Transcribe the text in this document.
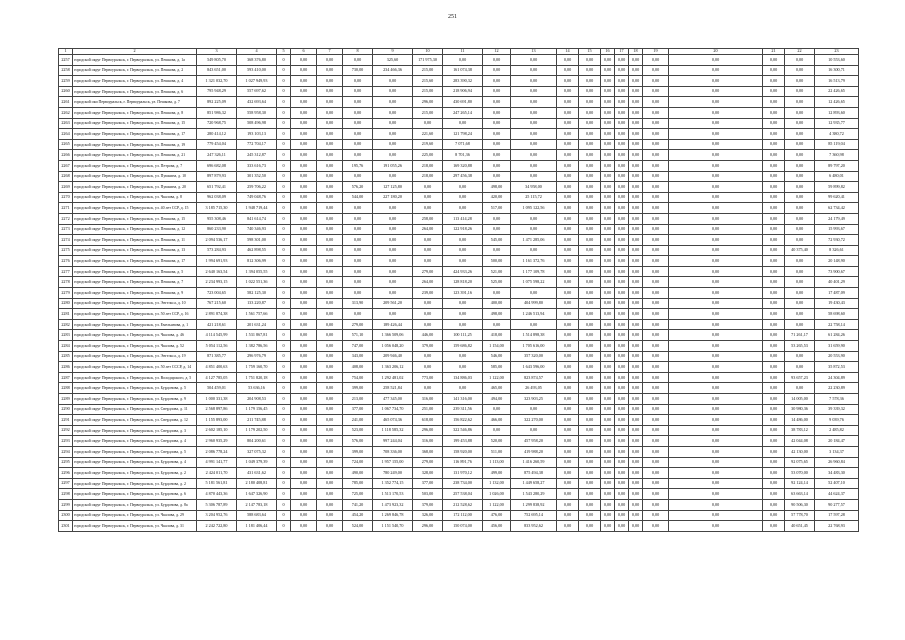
251
1	2	3	4	5	6	7	8	9	10	11	12	13	14	15	16	17	18	19	20	21	22	23
2257	городской округ Первоуральск, г. Первоуральск, ул. Пешкова, д. 1а	549 805,70	368 376,80	0	0,00	0,00	0,00	325,60	171 975,30	0,00	0,00	0,00	0,00	0,00	0,00	0,00	0,00	0,00	0,00	0,00	0,00	10 553,60
2258	городской округ Первоуральск, г. Первоуральск, ул. Пешкова, д. 2	843 651,00	593 410,00	0	0,00	0,00	730,00	234 466,36	215,00	161 074,38	0,00	0,00	0,00	0,00	0,00	0,00	0,00	0,00	0,00	0,00	0,00	16 300,71
2259	городской округ Первоуральск, г. Первоуральск, ул. Пешкова, д. 4	1 321 032,70	1 027 949,93	0	0,00	0,00	0,00	0,00	215,60	283 390,32	0,00	0,00	0,00	0,00	0,00	0,00	0,00	0,00	0,00	0,00	0,00	16 513,79
2260	городской округ Первоуральск, г. Первоуральск, ул. Пешкова, д. 6	795 948,29	557 697,62	0	0,00	0,00	0,00	0,00	215,00	218 906,94	0,00	0,00	0,00	0,00	0,00	0,00	0,00	0,00	0,00	0,00	0,00	22 426,65
2261	городской оки Первоуральск, г. Первоуральск, ул. Пешкова, д. 7	892 225,09	432 693,64	0	0,00	0,00	0,00	0,00	296,00	430 691,80	0,00	0,00	0,00	0,00	0,00	0,00	0,00	0,00	0,00	0,00	0,00	12 426,65
2262	городской округ Первоуральск, г. Первоуральск, ул. Пешкова, д. 8	851 986,32	558 958,30	0	0,00	0,00	0,00	0,00	215,00	247 265,14	0,00	0,00	0,00	0,00	0,00	0,00	0,00	0,00	0,00	0,00	0,00	12 893,60
2263	городской округ Первоуральск, г. Первоуральск, ул. Пешкова, д. 15	720 968,75	508 496,98	0	0,00	0,00	0,00	0,00	0,00	0,00	0,00	0,00	0,00	0,00	0,00	0,00	0,00	0,00	0,00	0,00	0,00	12 935,77
2264	городской округ Первоуральск, г. Первоуральск, ул. Пешкова, д. 17	280 414,12	193 103,13	0	0,00	0,00	0,00	0,00	221,60	121 798,24	0,00	0,00	0,00	0,00	0,00	0,00	0,00	0,00	0,00	0,00	0,00	4 380,72
2265	городской округ Первоуральск, г. Первоуральск, ул. Пешкова, д. 19	779 454,04	772 704,17	0	0,00	0,00	0,00	0,00	219,60	7 071,68	0,00	0,00	0,00	0,00	0,00	0,00	0,00	0,00	0,00	0,00	0,00	85 119,04
2266	городской округ Первоуральск, г. Первоуральск, ул. Пешкова, д. 21	247 326,11	245 312,87	0	0,00	0,00	0,00	0,00	225,00	8 701,36	0,00	0,00	0,00	0,00	0,00	0,00	0,00	0,00	0,00	0,00	0,00	7 360,98
2267	городской округ Первоуральск, г. Первоуральск, ул. Петрова, д. 7	696 682,08	333 616,73	0	0,00	0,00	195,76	191 055,26	218,00	169 320,88	0,00	0,00	0,00	0,00	0,00	0,00	0,00	0,00	0,00	0,00	0,00	89 797,20
2268	городской округ Первоуральск, г. Первоуральск, ул. Пушкина, д. 10	897 879,93	301 352,50	0	0,00	0,00	0,00	0,00	218,00	297 456,38	0,00	0,00	0,00	0,00	0,00	0,00	0,00	0,00	0,00	0,00	0,00	6 480,01
2269	городской округ Первоуральск, г. Первоуральск, ул. Пушкина, д. 20	651 792,41	259 706,22	0	0,00	0,00	576,20	127 125,80	0,00	0,00	498,00	34 958,00	0,00	0,00	0,00	0,00	0,00	0,00	0,00	0,00	0,00	59 899,82
2270	городской округ Первоуральск, г. Первоуральск, ул. Чкалова, д. 8	962 038,09	749 048,76	0	0,00	0,00	544,00	227 180,20	0,00	0,00	420,00	25 115,72	0,00	0,00	0,00	0,00	0,00	0,00	0,00	0,00	0,00	99 620,41
2271	городской округ Первоуральск, г. Первоуральск, ул. 40 лет ССР, д. 15	3 185 715,30	1 948 719,44	0	0,00	0,00	0,00	0,00	0,00	0,00	517,00	1 095 122,56	0,00	0,00	0,00	0,00	0,00	0,00	0,00	0,00	0,00	62 734,42
2272	городской округ Первоуральск, г. Первоуральск, ул. Пешкова, д. 15	955 308,46	841 614,74	0	0,00	0,00	0,00	0,00	258,00	113 414,28	0,00	0,00	0,00	0,00	0,00	0,00	0,00	0,00	0,00	0,00	0,00	24 179,49
2273	городской округ Первоуральск, г. Первоуральск, ул. Пешкова, д. 12	860 233,90	740 346,93	0	0,00	0,00	0,00	0,00	264,00	122 918,26	0,00	0,00	0,00	0,00	0,00	0,00	0,00	0,00	0,00	0,00	0,00	15 993,67
2274	городской округ Первоуральск, г. Первоуральск, ул. Пешкова, д. 11	2 094 536,17	598 301,00	0	0,00	0,00	0,00	0,00	0,00	0,00	545,00	1 471 285,06	0,00	0,00	0,00	0,00	0,00	0,00	0,00	0,00	0,00	72 930,72
2275	городской округ Первоуральск, г. Первоуральск, ул. Пешкова, д. 13	573 284,93	462 898,55	0	0,00	0,00	0,00	0,00	0,00	0,00	0,00	0,00	0,00	0,00	0,00	0,00	0,00	0,00	0,00	0,00	40 375,40	8 326,61
2276	городской округ Первоуральск, г. Первоуральск, ул. Пешкова, д. 17	1 994 691,93	812 306,99	0	0,00	0,00	0,00	0,00	0,00	0,00	500,00	1 161 372,76	0,00	0,00	0,00	0,00	0,00	0,00	0,00	0,00	0,00	20 148,90
2277	городской округ Первоуральск, г. Первоуральск, ул. Пешкова, д. 5	2 640 163,54	1 394 055,55	0	0,00	0,00	0,00	0,00	279,00	424 933,26	521,00	1 177 109,78	0,00	0,00	0,00	0,00	0,00	0,00	0,00	0,00	0,00	73 900,67
2278	городской округ Первоуральск, г. Первоуральск, ул. Пешкова, д. 7	2 234 993,15	1 022 551,36	0	0,00	0,00	0,00	0,00	264,00	128 818,20	525,00	1 075 598,22	0,00	0,00	0,00	0,00	0,00	0,00	0,00	0,00	0,00	40 401,29
2279	городской округ Первоуральск, г. Первоуральск, ул. Пешкова, д. 9	723 004,65	582 125,30	0	0,00	0,00	0,00	0,00	239,00	123 391,16	0,00	0,00	0,00	0,00	0,00	0,00	0,00	0,00	0,00	0,00	0,00	17 487,09
2280	городской округ Первоуральск, г. Первоуральск, ул. Энгельса, д. 10	767 215,60	133 220,87	0	0,00	0,00	313,90	209 561,20	0,00	0,00	400,00	404 999,80	0,00	0,00	0,00	0,00	0,00	0,00	0,00	0,00	0,00	19 430,43
2281	городской округ Первоуральск, г. Первоуральск, ул. 50 лет ССР, д. 16	2 891 874,38	1 561 757,66	0	0,00	0,00	0,00	0,00	0,00	0,00	498,00	1 246 513,94	0,00	0,00	0,00	0,00	0,00	0,00	0,00	0,00	0,00	58 698,60
2282	городской округ Первоуральск, г. Первоуральск, ул. Емельянова, д. 1	421 218,61	201 631,24	0	0,00	0,00	279,00	189 426,44	0,00	0,00	0,00	0,00	0,00	0,00	0,00	0,00	0,00	0,00	0,00	0,00	0,00	22 758,14
2283	городской округ Первоуральск, г. Первоуральск, ул. Чкалова, д. 46	4 114 545,99	1 531 867,81	0	0,00	0,00	571,10	1 366 509,06	446,00	100 111,25	418,00	1 514 898,38	0,00	0,00	0,00	0,00	0,00	0,00	0,00	0,00	71 261,17	61 284,26
2284	городской округ Первоуральск, г. Первоуральск, ул. Чкалова, д. 52	5 054 112,56	1 382 786,56	0	0,00	0,00	747,00	1 056 048,20	379,00	159 686,82	1 154,00	1 705 616,00	0,00	0,00	0,00	0,00	0,00	0,00	0,00	0,00	53 265,53	31 659,90
2285	городской округ Первоуральск, г. Первоуральск, ул. Энгельса, д. 19	871 385,77	296 976,79	0	0,00	0,00	343,00	209 946,40	0,00	0,00	546,00	357 320,00	0,00	0,00	0,00	0,00	0,00	0,00	0,00	0,00	0,00	20 553,90
2286	городской округ Первоуральск, г. Первоуральск, ул. 50 лет СССР, д. 14	4 851 400,63	1 759 160,70	0	0,00	0,00	408,00	1 363 206,12	0,00	0,00	585,00	1 643 596,00	0,00	0,00	0,00	0,00	0,00	0,00	0,00	0,00	0,00	35 872,53
2287	городской округ Первоуральск, г. Первоуральск, ул. Володарского, д. 5	4 127 785,05	1 751 820,18	0	0,00	0,00	754,00	1 292 481,02	773,00	134 886,03	1 122,00	823 874,57	0,00	0,00	0,00	0,00	0,00	0,00	0,00	0,00	93 657,23	24 304,89
2288	городской округ Первоуральск, г. Первоуральск, ул. Бурдонова, д. 5	504 459,01	53 636,16	0	0,00	0,00	399,00	258 521,84	0,00	0,00	465,00	26 493,05	0,00	0,00	0,00	0,00	0,00	0,00	0,00	0,00	0,00	22 230,89
2289	городской округ Первоуральск, г. Первоуральск, ул. Бурдонова, д. 9	1 000 331,38	204 908,53	0	0,00	0,00	213,00	477 345,00	316,00	141 316,00	494,00	323 903,25	0,00	0,00	0,00	0,00	0,00	0,00	0,00	0,00	14 005,00	7 578,36
2290	городской округ Первоуральск, г. Первоуральск, ул. Свердлова, д. 11	2 568 897,86	1 179 156,45	0	0,00	0,00	377,00	1 067 734,70	251,00	239 311,56	0,00	0,00	0,00	0,00	0,00	0,00	0,00	0,00	0,00	0,00	30 980,36	39 339,32
2291	городской округ Первоуральск, г. Первоуральск, ул. Свердлова, д. 12	1 155 893,00	211 745,88	0	0,00	0,00	241,00	465 074,36	618,00	156 822,62	466,00	322 270,00	0,00	0,00	0,00	0,00	0,00	0,00	0,00	0,00	14 486,00	9 039,76
2292	городской округ Первоуральск, г. Первоуральск, ул. Свердлова, д. 3	2 602 185,10	1 179 202,50	0	0,00	0,00	523,00	1 118 585,32	296,00	322 546,86	0,00	0,00	0,00	0,00	0,00	0,00	0,00	0,00	0,00	0,00	38 783,12	2 485,82
2293	городской округ Первоуральск, г. Первоуральск, ул. Свердлова, д. 4	2 960 935,29	804 200,61	0	0,00	0,00	576,00	997 244,04	316,00	199 453,88	520,00	457 958,20	0,00	0,00	0,00	0,00	0,00	0,00	0,00	0,00	42 044,08	20 184,47
2294	городской округ Первоуральск, г. Первоуральск, ул. Свердлова, д. 5	2 086 778,24	327 075,32	0	0,00	0,00	399,00	708 336,00	368,00	158 920,00	511,00	419 988,20	0,00	0,00	0,00	0,00	0,00	0,00	0,00	0,00	42 130,00	3 134,37
2295	городской округ Первоуральск, г. Первоуральск, ул. Бурдонова, д. 4	4 991 141,77	1 049 379,39	0	0,00	0,00	724,00	1 957 155,00	279,00	116 891,76	1 113,00	1 416 260,59	0,00	0,00	0,00	0,00	0,00	0,00	0,00	0,00	92 075,65	26 960,84
2296	городской округ Первоуральск, г. Первоуральск, ул. Бурдонова, д. 2	2 424 011,70	431 631,62	0	0,00	0,00	490,00	780 249,00	328,00	131 970,12	499,00	875 494,38	0,00	0,00	0,00	0,00	0,00	0,00	0,00	0,00	53 070,00	34 483,30
2297	городской округ Первоуральск, г. Первоуральск, ул. Бурдонова, д. 2	5 181 561,81	2 180 408,81	0	0,00	0,00	785,00	1 352 774,15	377,00	238 734,00	1 132,00	1 449 658,27	0,00	0,00	0,00	0,00	0,00	0,00	0,00	0,00	92 124,14	52 407,10
2298	городской округ Первоуральск, г. Первоуральск, ул. Бурдонова, д. 6	4 870 443,36	1 647 326,90	0	0,00	0,00	725,00	1 513 170,53	503,00	257 538,04	1 026,00	1 543 280,29	0,00	0,00	0,00	0,00	0,00	0,00	0,00	0,00	63 663,14	44 624,37
2299	городской округ Первоуральск, г. Первоуральск, ул. Бурдонова, д. 8а	5 306 787,89	2 147 783,18	0	0,00	0,00	741,20	1 473 923,32	379,00	212 528,62	1 122,00	1 299 838,92	0,00	0,00	0,00	0,00	0,00	0,00	0,00	0,00	90 506,30	90 277,57
2300	городской округ Первоуральск, г. Первоуральск, ул. Чкалова, д. 29	3 204 952,76	588 683,64	0	0,00	0,00	454,20	1 269 846,78	326,00	172 112,00	476,00	752 695,14	0,00	0,00	0,00	0,00	0,00	0,00	0,00	0,00	57 778,70	17 597,28
2301	городской округ Первоуральск, г. Первоуральск, ул. Чкалова, д. 31	2 242 722,80	1 181 406,44	0	0,00	0,00	524,00	1 151 540,70	296,00	150 074,00	456,00	833 952,62	0,00	0,00	0,00	0,00	0,00	0,00	0,00	0,00	40 651,45	22 768,93
